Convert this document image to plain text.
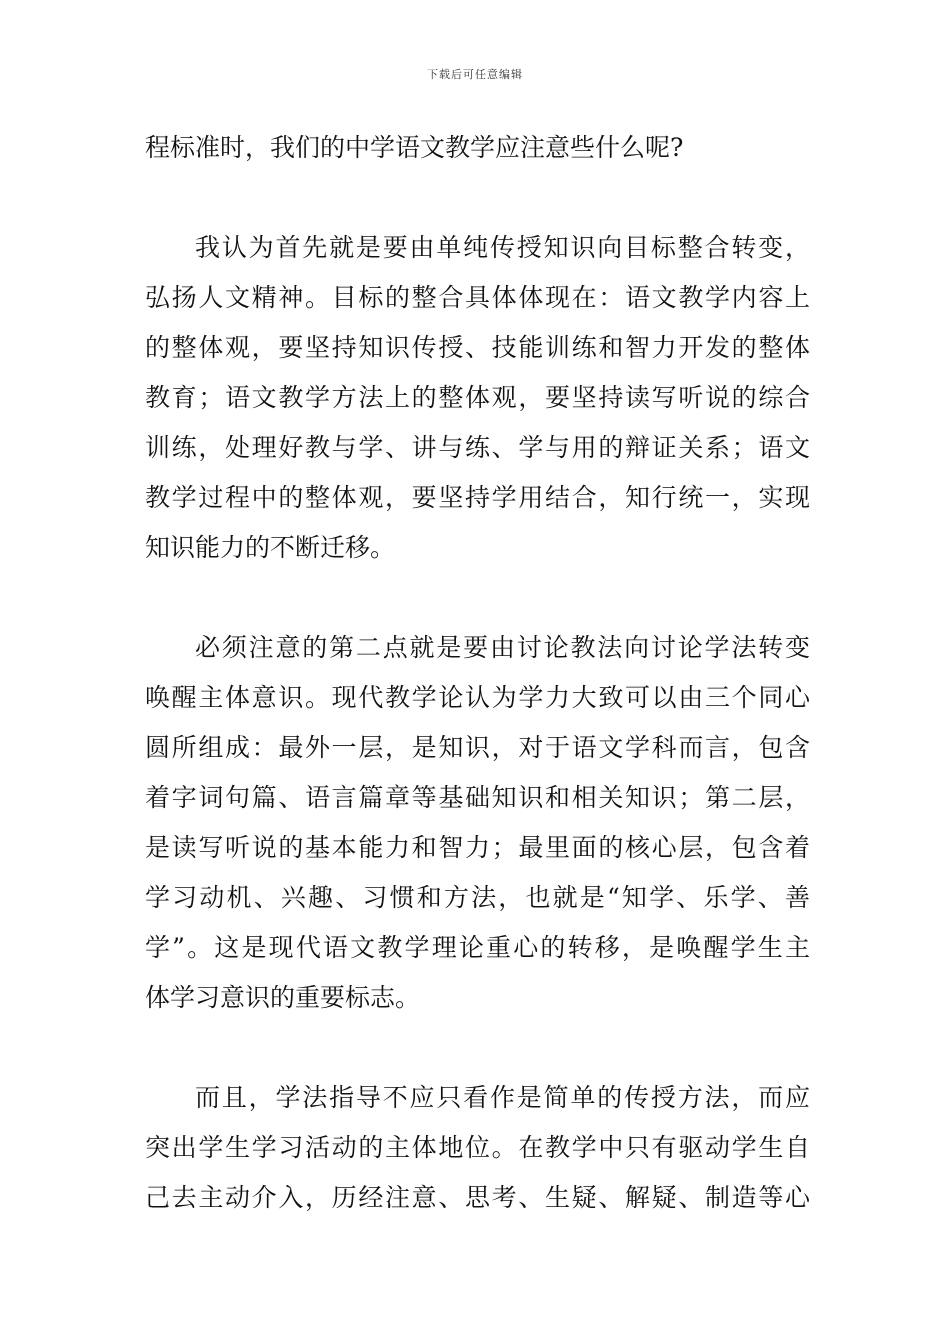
下载后可任意编辑
程标准时，我们的中学语文教学应注意些什么呢?
我认为首先就是要由单纯传授知识向目标整合转变，
弘扬人文精神。目标的整合具体体现在：语文教学内容上
的整体观，要坚持知识传授、技能训练和智力开发的整体
教育；语文教学方法上的整体观，要坚持读写听说的综合
训练，处理好教与学、讲与练、学与用的辩证关系；语文
教学过程中的整体观，要坚持学用结合，知行统一，实现
知识能力的不断迁移。
必须注意的第二点就是要由讨论教法向讨论学法转变
唤醒主体意识。现代教学论认为学力大致可以由三个同心
圆所组成：最外一层，是知识，对于语文学科而言，包含
着字词句篇、语言篇章等基础知识和相关知识；第二层，
是读写听说的基本能力和智力；最里面的核心层，包含着
学习动机、兴趣、习惯和方法，也就是“知学、乐学、善
学”。这是现代语文教学理论重心的转移，是唤醒学生主
体学习意识的重要标志。
而且，学法指导不应只看作是简单的传授方法，而应
突出学生学习活动的主体地位。在教学中只有驱动学生自
己去主动介入，历经注意、思考、生疑、解疑、制造等心
